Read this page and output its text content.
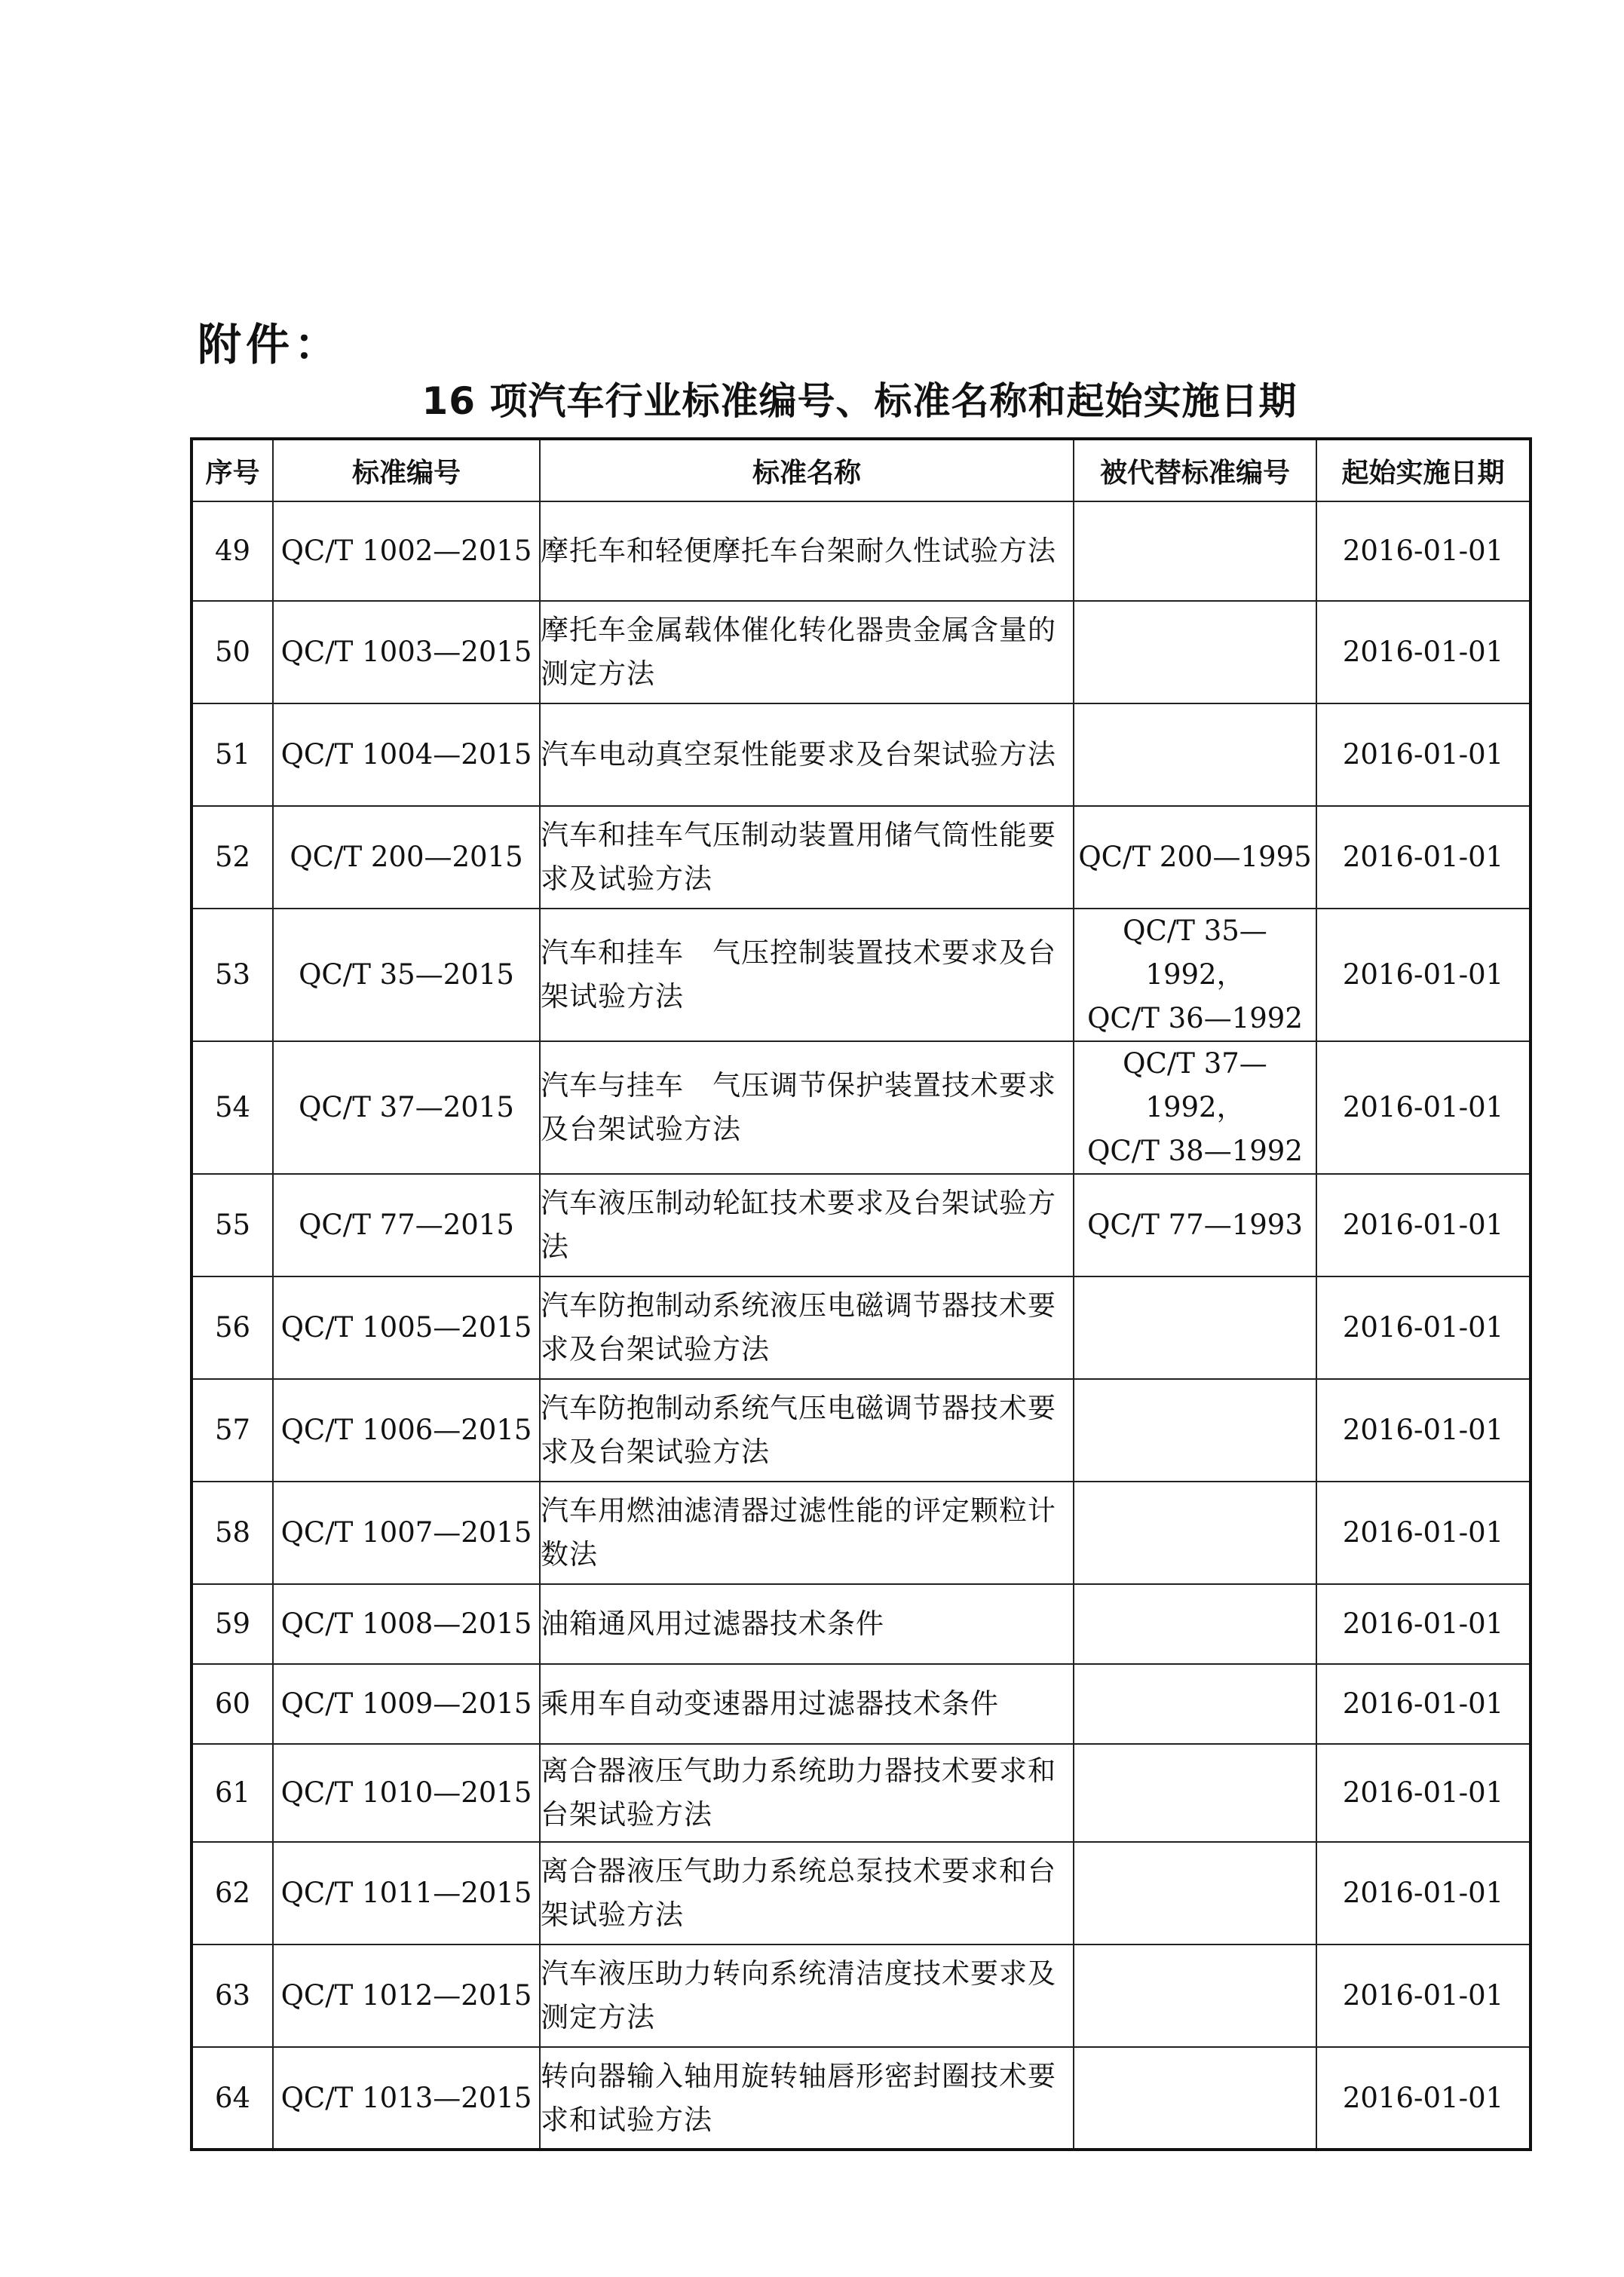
附件：
16 项汽车行业标准编号、标准名称和起始实施日期
序号	标准编号	标准名称	被代替标准编号	起始实施日期
49	QC/T 1002—2015	摩托车和轻便摩托车台架耐久性试验方法		2016-01-01
50	QC/T 1003—2015	摩托车金属载体催化转化器贵金属含量的测定方法		2016-01-01
51	QC/T 1004—2015	汽车电动真空泵性能要求及台架试验方法		2016-01-01
52	QC/T 200—2015	汽车和挂车气压制动装置用储气筒性能要求及试验方法	QC/T 200—1995	2016-01-01
53	QC/T 35—2015	汽车和挂车　气压控制装置技术要求及台架试验方法	QC/T 35—1992，
QC/T 36—1992	2016-01-01
54	QC/T 37—2015	汽车与挂车　气压调节保护装置技术要求及台架试验方法	QC/T 37—1992，
QC/T 38—1992	2016-01-01
55	QC/T 77—2015	汽车液压制动轮缸技术要求及台架试验方法	QC/T 77—1993	2016-01-01
56	QC/T 1005—2015	汽车防抱制动系统液压电磁调节器技术要求及台架试验方法		2016-01-01
57	QC/T 1006—2015	汽车防抱制动系统气压电磁调节器技术要求及台架试验方法		2016-01-01
58	QC/T 1007—2015	汽车用燃油滤清器过滤性能的评定颗粒计数法		2016-01-01
59	QC/T 1008—2015	油箱通风用过滤器技术条件		2016-01-01
60	QC/T 1009—2015	乘用车自动变速器用过滤器技术条件		2016-01-01
61	QC/T 1010—2015	离合器液压气助力系统助力器技术要求和台架试验方法		2016-01-01
62	QC/T 1011—2015	离合器液压气助力系统总泵技术要求和台架试验方法		2016-01-01
63	QC/T 1012—2015	汽车液压助力转向系统清洁度技术要求及测定方法		2016-01-01
64	QC/T 1013—2015	转向器输入轴用旋转轴唇形密封圈技术要求和试验方法		2016-01-01
